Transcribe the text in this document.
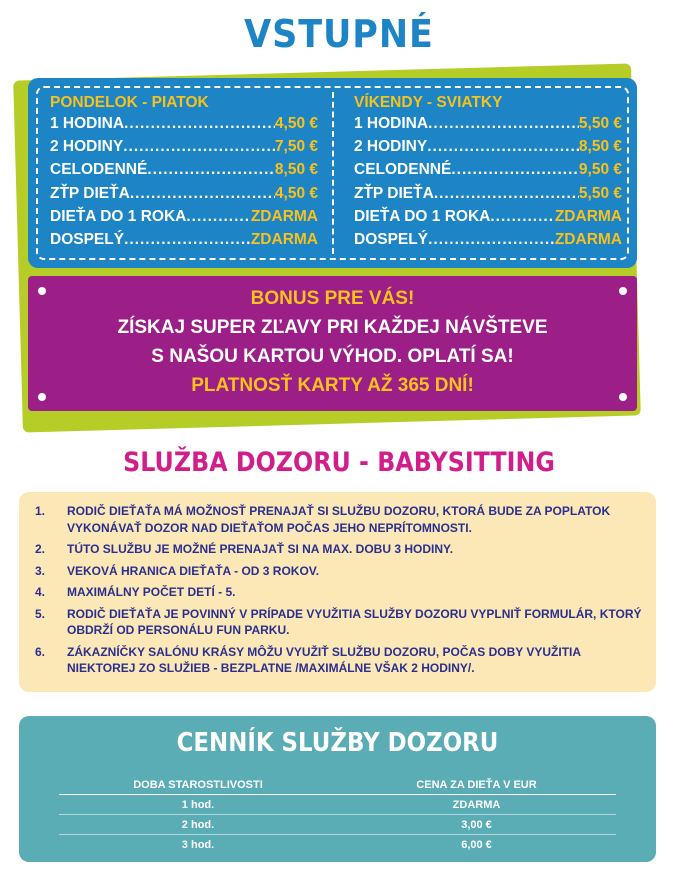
VSTUPNÉ
PONDELOK - PIATOK
1 HODINA .....	4,50 €
2 HODINY .....	7,50 €
CELODENNÉ .....	8,50 €
ZŤP DIEŤA .....	4,50 €
DIEŤA DO 1 ROKA .....	ZDARMA
DOSPELÝ .....	ZDARMA
VÍKENDY - SVIATKY
1 HODINA .....	5,50 €
2 HODINY .....	8,50 €
CELODENNÉ .....	9,50 €
ZŤP DIEŤA .....	5,50 €
DIEŤA DO 1 ROKA .....	ZDARMA
DOSPELÝ .....	ZDARMA
BONUS PRE VÁS!
ZÍSKAJ SUPER ZĽAVY PRI KAŽDEJ NÁVŠTEVE
S NAŠOU KARTOU VÝHOD. OPLATÍ SA!
PLATNOSŤ KARTY AŽ 365 DNÍ!
SLUŽBA DOZORU - BABYSITTING
1.	RODIČ DIEŤAŤA MÁ MOŽNOSŤ PRENAJAŤ SI SLUŽBU DOZORU, KTORÁ BUDE ZA POPLATOK VYKONÁVAŤ DOZOR NAD DIEŤAŤOM POČAS JEHO NEPRÍTOMNOSTI.
2.	TÚTO SLUŽBU JE MOŽNÉ PRENAJAŤ SI NA MAX. DOBU 3 HODINY.
3.	VEKOVÁ HRANICA DIEŤAŤA - OD 3 ROKOV.
4.	MAXIMÁLNY POČET DETÍ - 5.
5.	RODIČ DIEŤAŤA JE POVINNÝ V PRÍPADE VYUŽITIA SLUŽBY DOZORU VYPLNIŤ FORMULÁR, KTORÝ OBDRŽÍ OD PERSONÁLU FUN PARKU.
6.	ZÁKAZNÍČKY SALÓNU KRÁSY MÔŽU VYUŽIŤ SLUŽBU DOZORU, POČAS DOBY VYUŽITIA NIEKTOREJ ZO SLUŽIEB - BEZPLATNE /MAXIMÁLNE VŠAK 2 HODINY/.
CENNÍK SLUŽBY DOZORU
DOBA STAROSTLIVOSTI	CENA ZA DIEŤA V EUR
1 hod.	ZDARMA
2 hod.	3,00 €
3 hod.	6,00 €
